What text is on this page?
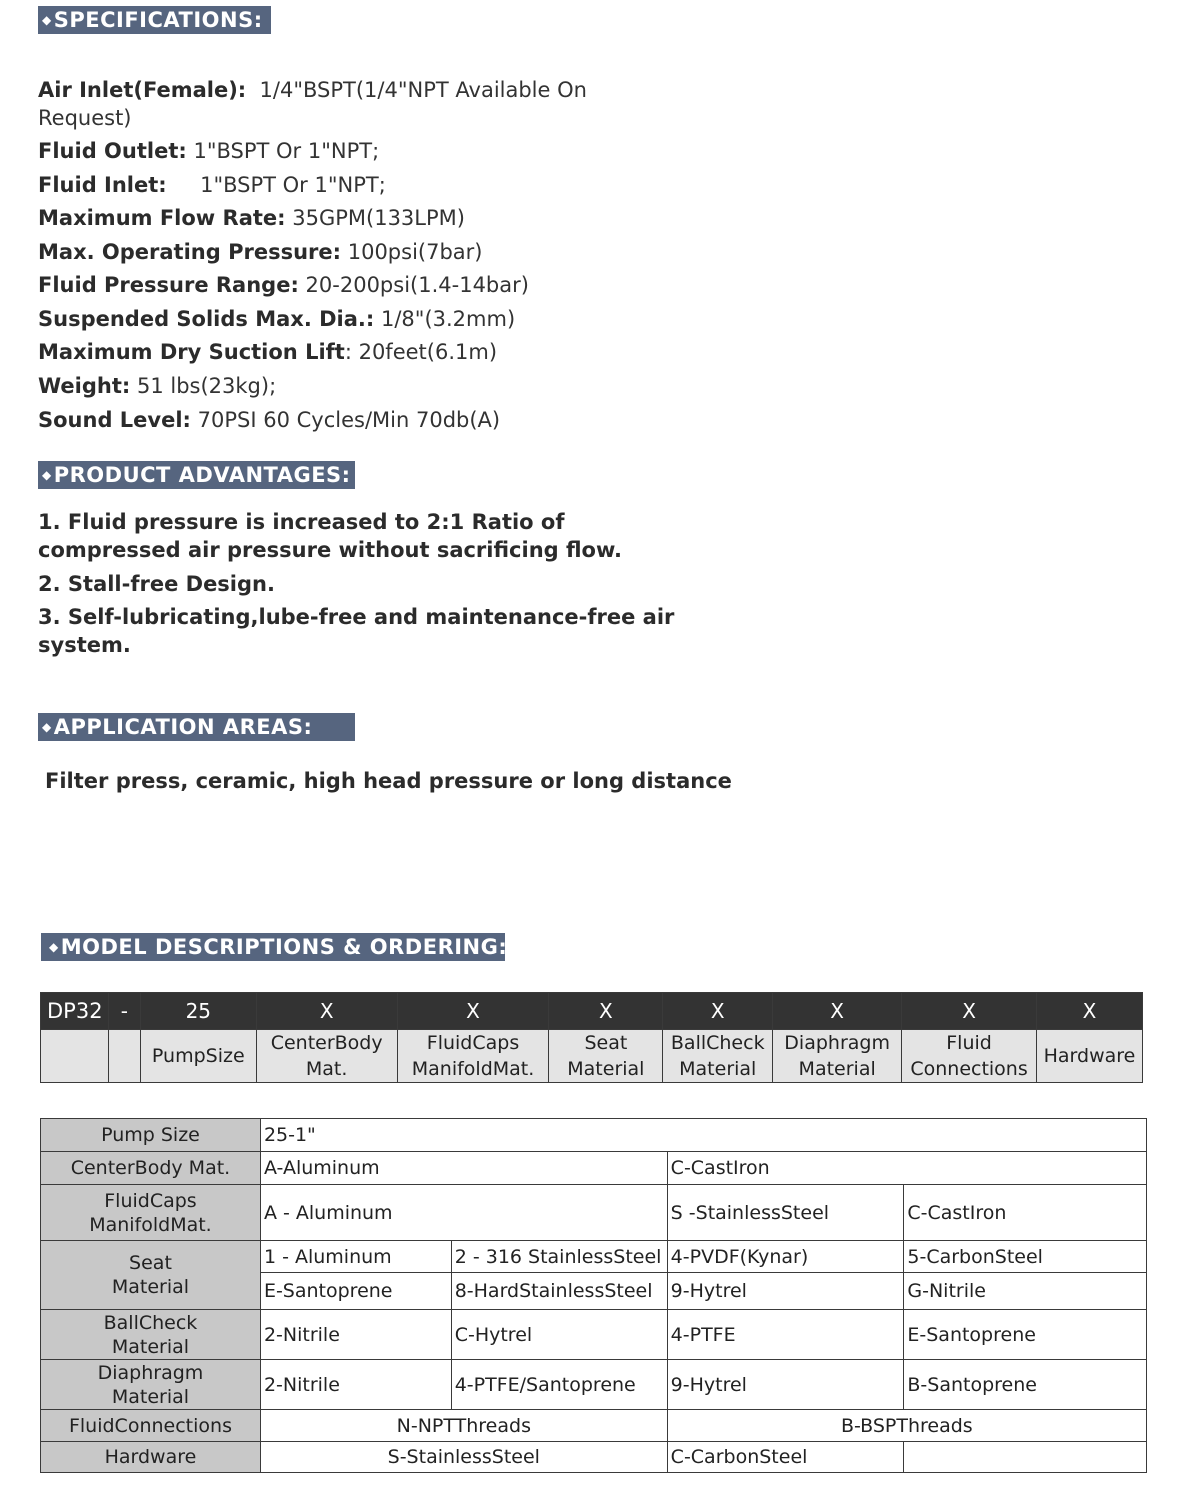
◆SPECIFICATIONS:
Air Inlet(Female): 1/4"BSPT(1/4"NPT Available On Request)
Fluid Outlet: 1"BSPT Or 1"NPT;
Fluid Inlet: 1"BSPT Or 1"NPT;
Maximum Flow Rate: 35GPM(133LPM)
Max. Operating Pressure: 100psi(7bar)
Fluid Pressure Range: 20-200psi(1.4-14bar)
Suspended Solids Max. Dia.: 1/8"(3.2mm)
Maximum Dry Suction Lift: 20feet(6.1m)
Weight: 51 lbs(23kg);
Sound Level: 70PSI 60 Cycles/Min 70db(A)
◆PRODUCT ADVANTAGES:
1. Fluid pressure is increased to 2:1 Ratio of compressed air pressure without sacrificing flow.
2. Stall-free Design.
3. Self-lubricating,lube-free and maintenance-free air system.
◆APPLICATION AREAS:
Filter press, ceramic, high head pressure or long distance
◆MODEL DESCRIPTIONS & ORDERING:
DP32	-	25	X	X	X	X	X	X	X
		PumpSize	CenterBody Mat.	FluidCaps ManifoldMat.	Seat Material	BallCheck Material	Diaphragm Material	Fluid Connections	Hardware
Pump Size	25-1"			
CenterBody Mat.	A-Aluminum		C-CastIron	
FluidCaps ManifoldMat.	A - Aluminum		S -StainlessSteel	C-CastIron
Seat Material	1 - Aluminum	2 - 316 StainlessSteel	4-PVDF(Kynar)	5-CarbonSteel
	E-Santoprene	8-HardStainlessSteel	9-Hytrel	G-Nitrile
BallCheck Material	2-Nitrile	C-Hytrel	4-PTFE	E-Santoprene
Diaphragm Material	2-Nitrile	4-PTFE/Santoprene	9-Hytrel	B-Santoprene
FluidConnections	N-NPTThreads		B-BSPThreads	
Hardware	S-StainlessSteel		C-CarbonSteel	
